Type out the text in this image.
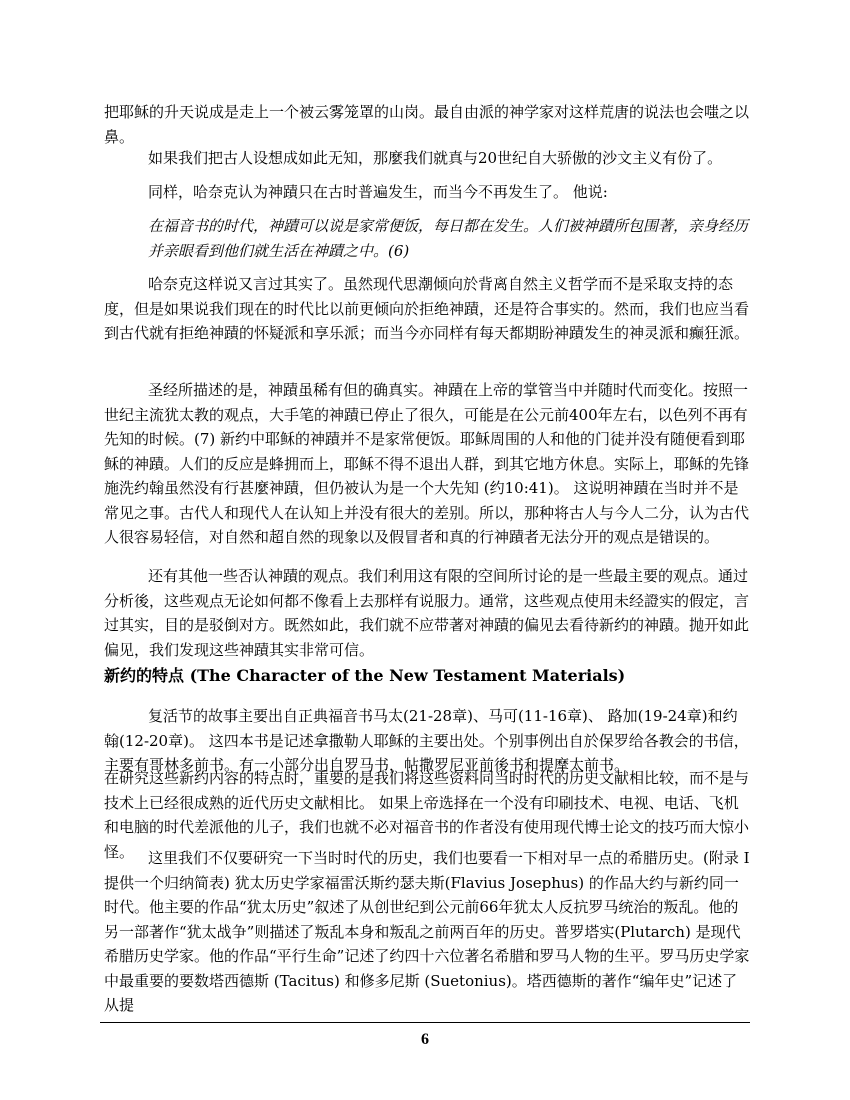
把耶稣的升天说成是走上一个被云雾笼罩的山岗。最自由派的神学家对这样荒唐的说法也会嗤之以鼻。

如果我们把古人设想成如此无知，那麼我们就真与20世纪自大骄傲的沙文主义有份了。

同样，哈奈克认为神蹟只在古时普遍发生，而当今不再发生了。 他说:

在福音书的时代，神蹟可以说是家常便饭，每日都在发生。人们被神蹟所包围著，亲身经历并亲眼看到他们就生活在神蹟之中。(6)

哈奈克这样说又言过其实了。虽然现代思潮倾向於背离自然主义哲学而不是采取支持的态度，但是如果说我们现在的时代比以前更倾向於拒绝神蹟，还是符合事实的。然而，我们也应当看到古代就有拒绝神蹟的怀疑派和享乐派；而当今亦同样有每天都期盼神蹟发生的神灵派和癫狂派。

圣经所描述的是，神蹟虽稀有但的确真实。神蹟在上帝的掌管当中并随时代而变化。按照一世纪主流犹太教的观点，大手笔的神蹟已停止了很久，可能是在公元前400年左右，以色列不再有先知的时候。(7) 新约中耶稣的神蹟并不是家常便饭。耶稣周围的人和他的门徒并没有随便看到耶稣的神蹟。人们的反应是蜂拥而上，耶稣不得不退出人群，到其它地方休息。实际上，耶稣的先锋施洗约翰虽然没有行甚麼神蹟，但仍被认为是一个大先知 (约10:41)。 这说明神蹟在当时并不是常见之事。古代人和现代人在认知上并没有很大的差别。所以，那种将古人与今人二分，认为古代人很容易轻信，对自然和超自然的现象以及假冒者和真的行神蹟者无法分开的观点是错误的。

还有其他一些否认神蹟的观点。我们利用这有限的空间所讨论的是一些最主要的观点。通过分析後，这些观点无论如何都不像看上去那样有说服力。通常，这些观点使用未经證实的假定，言过其实，目的是驳倒对方。既然如此，我们就不应带著对神蹟的偏见去看待新约的神蹟。抛开如此偏见，我们发现这些神蹟其实非常可信。

新约的特点 (The Character of the New Testament Materials)

复活节的故事主要出自正典福音书马太(21-28章)、马可(11-16章)、 路加(19-24章)和约翰(12-20章)。 这四本书是记述拿撒勒人耶稣的主要出处。个别事例出自於保罗给各教会的书信，主要有哥林多前书。有一小部分出自罗马书，帖撒罗尼亚前後书和提摩太前书。

在研究这些新约内容的特点时，重要的是我们将这些资料同当时时代的历史文献相比较，而不是与技术上已经很成熟的近代历史文献相比。 如果上帝选择在一个没有印刷技术、电视、电话、飞机和电脑的时代差派他的儿子，我们也就不必对福音书的作者没有使用现代博士论文的技巧而大惊小怪。 这里我们不仅要研究一下当时时代的历史，我们也要看一下相对早一点的希腊历史。(附录 I 提供一个归纳简表) 犹太历史学家福雷沃斯约瑟夫斯(Flavius Josephus) 的作品大约与新约同一时代。他主要的作品“犹太历史”叙述了从创世纪到公元前66年犹太人反抗罗马统治的叛乱。他的另一部著作“犹太战争”则描述了叛乱本身和叛乱之前两百年的历史。普罗塔实(Plutarch) 是现代希腊历史学家。他的作品“平行生命”记述了约四十六位著名希腊和罗马人物的生平。罗马历史学家中最重要的要数塔西德斯 (Tacitus) 和修多尼斯 (Suetonius)。塔西德斯的著作“编年史”记述了从提

6
